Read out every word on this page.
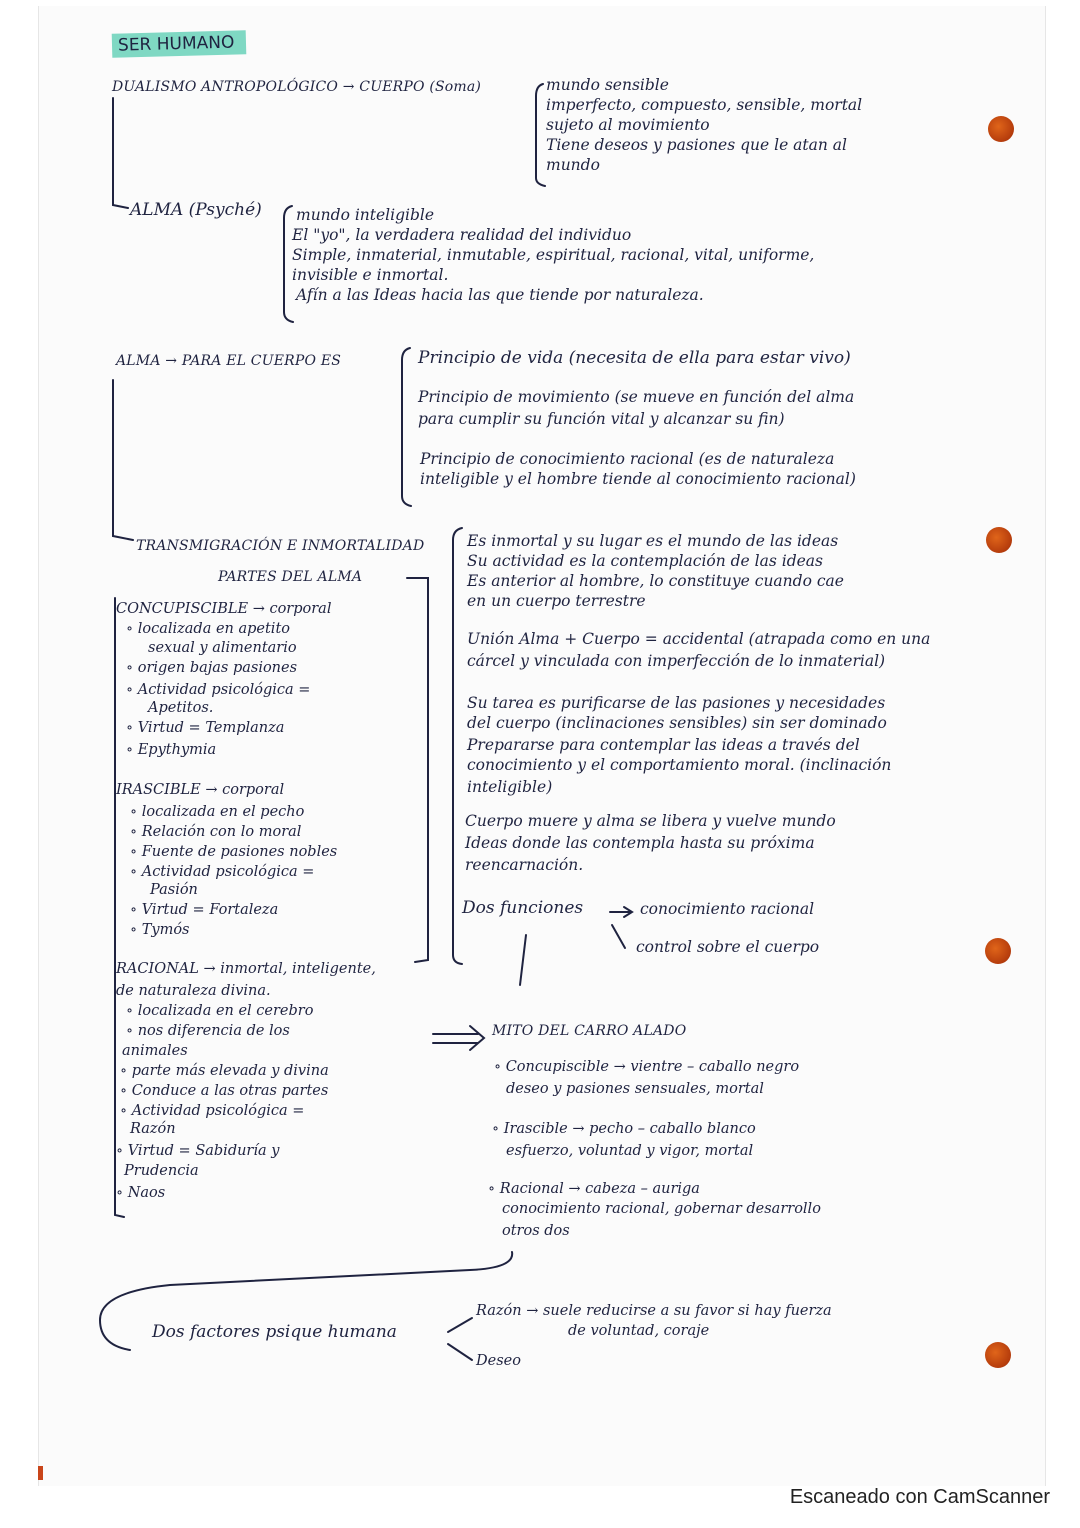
SER HUMANO
DUALISMO ANTROPOLÓGICO → CUERPO (Soma)	mundo sensible
imperfecto, compuesto, sensible, mortal
sujeto al movimiento
Tiene deseos y pasiones que le atan al
mundo
ALMA (Psyché) mundo inteligible
El "yo", la verdadera realidad del individuo
Simple, inmaterial, inmutable, espiritual, racional, vital, uniforme,
invisible e inmortal.
Afín a las Ideas hacia las que tiende por naturaleza.
ALMA → PARA EL CUERPO ES	Principio de vida (necesita de ella para estar vivo)
Principio de movimiento (se mueve en función del alma
para cumplir su función vital y alcanzar su fin)
Principio de conocimiento racional (es de naturaleza
inteligible y el hombre tiende al conocimiento racional)
TRANSMIGRACIÓN E INMORTALIDAD	Es inmortal y su lugar es el mundo de las ideas
Su actividad es la contemplación de las ideas
Es anterior al hombre, lo constituye cuando cae
en un cuerpo terrestre
Unión Alma + Cuerpo = accidental (atrapada como en una
cárcel y vinculada con imperfección de lo inmaterial)
Su tarea es purificarse de las pasiones y necesidades
del cuerpo (inclinaciones sensibles) sin ser dominado
Prepararse para contemplar las ideas a través del
conocimiento y el comportamiento moral. (inclinación
inteligible)
Cuerpo muere y alma se libera y vuelve mundo
Ideas donde las contempla hasta su próxima
reencarnación.
Dos funciones	conocimiento racional
control sobre el cuerpo
PARTES DEL ALMA
CONCUPISCIBLE → corporal
∘ localizada en apetito
sexual y alimentario
∘ origen bajas pasiones
∘ Actividad psicológica =
Apetitos.
∘ Virtud = Templanza
∘ Epythymia
IRASCIBLE → corporal
∘ localizada en el pecho
∘ Relación con lo moral
∘ Fuente de pasiones nobles
∘ Actividad psicológica =
Pasión
∘ Virtud = Fortaleza
∘ Tymós
RACIONAL → inmortal, inteligente,
de naturaleza divina.
∘ localizada en el cerebro
∘ nos diferencia de los
animales
∘ parte más elevada y divina
∘ Conduce a las otras partes
∘ Actividad psicológica =
Razón
∘ Virtud = Sabiduría y
Prudencia
∘ Naos
MITO DEL CARRO ALADO
∘ Concupiscible → vientre – caballo negro
deseo y pasiones sensuales, mortal
∘ Irascible → pecho – caballo blanco
esfuerzo, voluntad y vigor, mortal
∘ Racional → cabeza – auriga
conocimiento racional, gobernar desarrollo
otros dos
Dos factores psique humana
Razón → suele reducirse a su favor si hay fuerza
de voluntad, coraje
Deseo
Escaneado con CamScanner
